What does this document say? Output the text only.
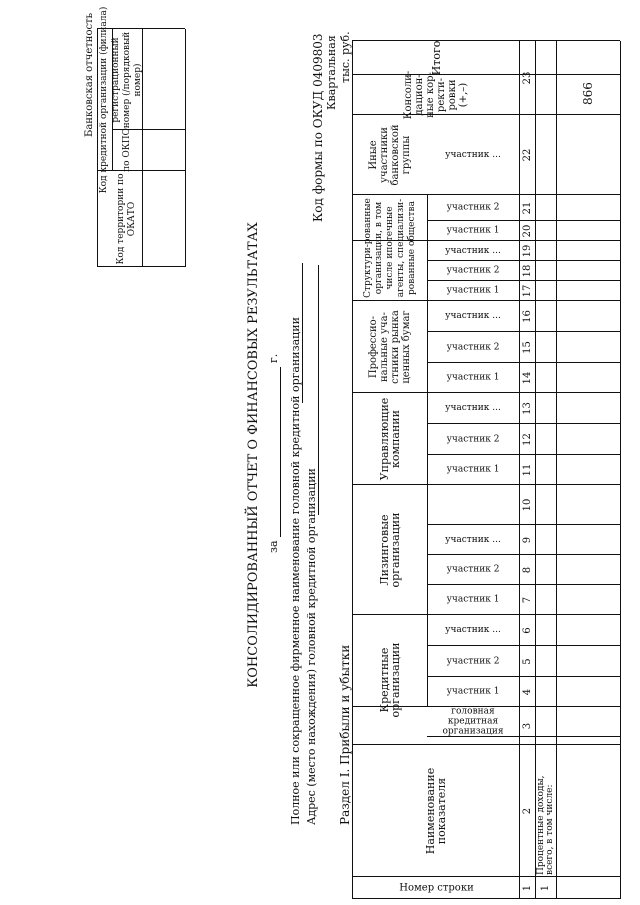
866
Банковская отчетность Код кредитной организации (филиала)
Код территории по ОКАТО
по ОКПО
регистрационный номер (/порядковый номер)
КОНСОЛИДИРОВАННЫЙ ОТЧЕТ О ФИНАНСОВЫХ РЕЗУЛЬТАТАХ за
г. Полное или сокращенное фирменное наименование головной кредитной организации Адрес (место нахождения) головной кредитной организации
Код формы по ОКУД 0409803 Квартальная
Раздел I. Прибыли и убытки
тыс. руб.
Наименование показателя
Номер строки
Кредитные организации
Лизинговые организации
Управляющие компании
Профессио-нальные уча-стники рынка ценных бумаг
Структури-рованные организации, в том числе ипотечные агенты, специализи-рованные общества
Иные участники банковской группы
Консоли-дацион-ные кор-ректи-ровки (+,–)
Итого
головная кредитная организация
участник 1
участник 2
участник ...
участник 1
участник 2
участник ...
участник 1
участник 2
участник ...
участник 1
участник 2
участник ...
участник 1
участник 2
участник ...
участник 1
участник 2
участник ...
1
2
3
4
5
6
7
8
9
10
11
12
13
14
15
16
17
18
19
20
21
22
23
1
Процентные доходы, всего, в том числе:
